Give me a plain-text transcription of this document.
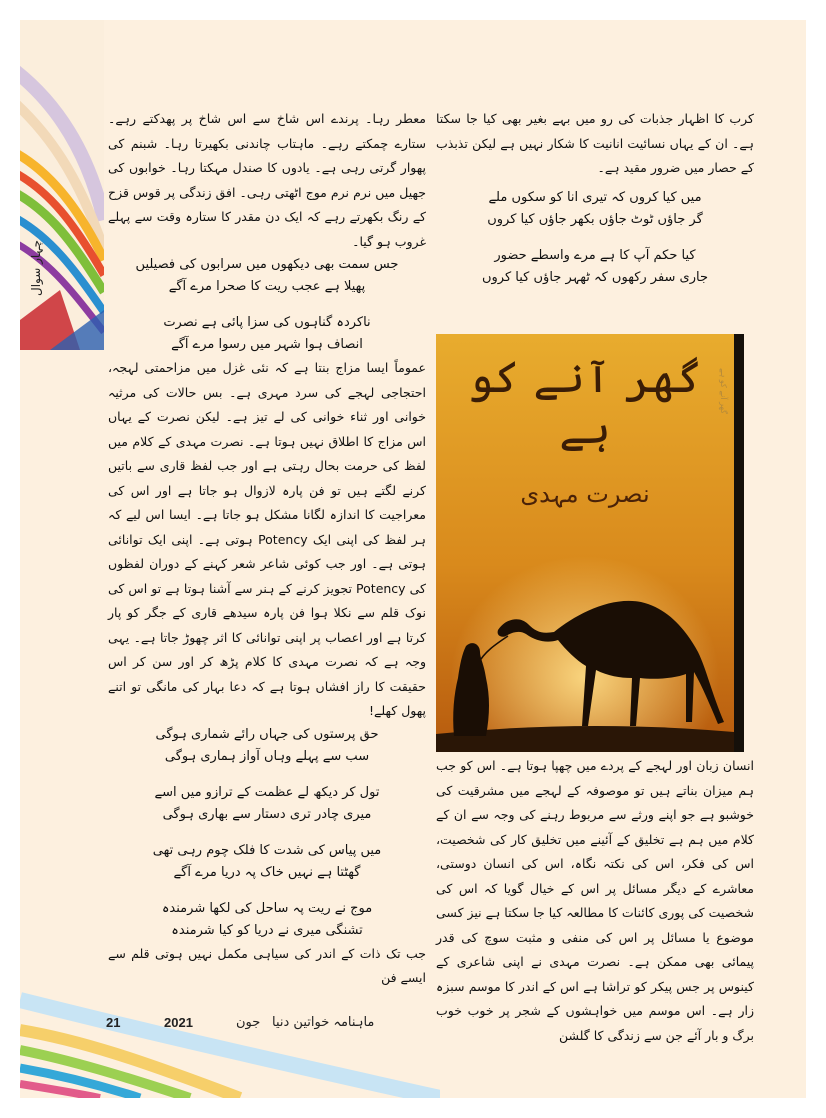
چہار سوال

کرب کا اظہار جذبات کی رو میں بہے بغیر بھی کیا جا سکتا ہے۔ ان کے یہاں نسائیت انانیت کا شکار نہیں ہے لیکن تذبذب کے حصار میں ضرور مقید ہے۔

میں کیا کروں کہ تیری انا کو سکوں ملے

گر جاؤں ٹوٹ جاؤں بکھر جاؤں کیا کروں

کیا حکم آپ کا ہے مرے واسطے حضور

جاری سفر رکھوں کہ ٹھہر جاؤں کیا کروں

گھر آنے کو ہے
نصرت مہدی
گھر آنے کو ہے

انسان زبان اور لہجے کے پردے میں چھپا ہوتا ہے۔ اس کو جب ہم میزان بناتے ہیں تو موصوفہ کے لہجے میں مشرقیت کی خوشبو ہے جو اپنے ورثے سے مربوط رہنے کی وجہ سے ان کے کلام میں ہم ہے تخلیق کے آئینے میں تخلیق کار کی شخصیت، اس کی فکر، اس کی نکتہ نگاہ، اس کی انسان دوستی، معاشرے کے دیگر مسائل پر اس کے خیال گویا کہ اس کی شخصیت کی پوری کائنات کا مطالعہ کیا جا سکتا ہے نیز کسی موضوع یا مسائل پر اس کی منفی و مثبت سوچ کی قدر پیمائی بھی ممکن ہے۔ نصرت مہدی نے اپنی شاعری کے کینوس پر جس پیکر کو تراشا ہے اس کے اندر کا موسم سبزہ زار ہے۔ اس موسم میں خواہشوں کے شجر پر خوب خوب برگ و بار آئے جن سے زندگی کا گلشن

معطر رہا۔ پرندے اس شاخ سے اس شاخ پر پھدکتے رہے۔ ستارے چمکتے رہے۔ ماہتاب چاندنی بکھیرتا رہا۔ شبنم کی پھوار گرتی رہی ہے۔ یادوں کا صندل مہکتا رہا۔ خوابوں کی جھیل میں نرم نرم موج اٹھتی رہی۔ افق زندگی پر قوس قزح کے رنگ بکھرتے رہے کہ ایک دن مقدر کا ستارہ وقت سے پہلے غروب ہو گیا۔

جس سمت بھی دیکھوں میں سرابوں کی فصیلیں

پھیلا ہے عجب ریت کا صحرا مرے آگے

ناکردہ گناہوں کی سزا پائی ہے نصرت

انصاف ہوا شہر میں رسوا مرے آگے

عموماً ایسا مزاج بنتا ہے کہ نئی غزل میں مزاحمتی لہجہ، احتجاجی لہجے کی سرد مہری ہے۔ بس حالات کی مرثیہ خوانی اور ثناء خوانی کی لے تیز ہے۔ لیکن نصرت کے یہاں اس مزاج کا اطلاق نہیں ہوتا ہے۔ نصرت مہدی کے کلام میں لفظ کی حرمت بحال رہتی ہے اور جب لفظ قاری سے باتیں کرنے لگتے ہیں تو فن پارہ لازوال ہو جاتا ہے اور اس کی معراجیت کا اندازہ لگانا مشکل ہو جاتا ہے۔ ایسا اس لیے کہ ہر لفظ کی اپنی ایک Potency ہوتی ہے۔ اپنی ایک توانائی ہوتی ہے۔ اور جب کوئی شاعر شعر کہنے کے دوران لفظوں کی Potency تجویز کرنے کے ہنر سے آشنا ہوتا ہے تو اس کی نوک قلم سے نکلا ہوا فن پارہ سیدھے قاری کے جگر کو پار کرتا ہے اور اعصاب پر اپنی توانائی کا اثر چھوڑ جاتا ہے۔ یہی وجہ ہے کہ نصرت مہدی کا کلام پڑھ کر اور سن کر اس حقیقت کا راز افشاں ہوتا ہے کہ دعا بہار کی مانگی تو اتنے پھول کھلے!

حق پرستوں کی جہاں رائے شماری ہوگی

سب سے پہلے وہاں آواز ہماری ہوگی

تول کر دیکھ لے عظمت کے ترازو میں اسے

میری چادر تری دستار سے بھاری ہوگی

میں پیاس کی شدت کا فلک چوم رہی تھی

گھٹتا ہے نہیں خاک پہ دریا مرے آگے

موج نے ریت پہ ساحل کی لکھا شرمندہ

تشنگی میری نے دریا کو کیا شرمندہ

جب تک ذات کے اندر کی سیاہی مکمل نہیں ہوتی قلم سے ایسے فن

21	2021	جون ماہنامہ خواتین دنیا
